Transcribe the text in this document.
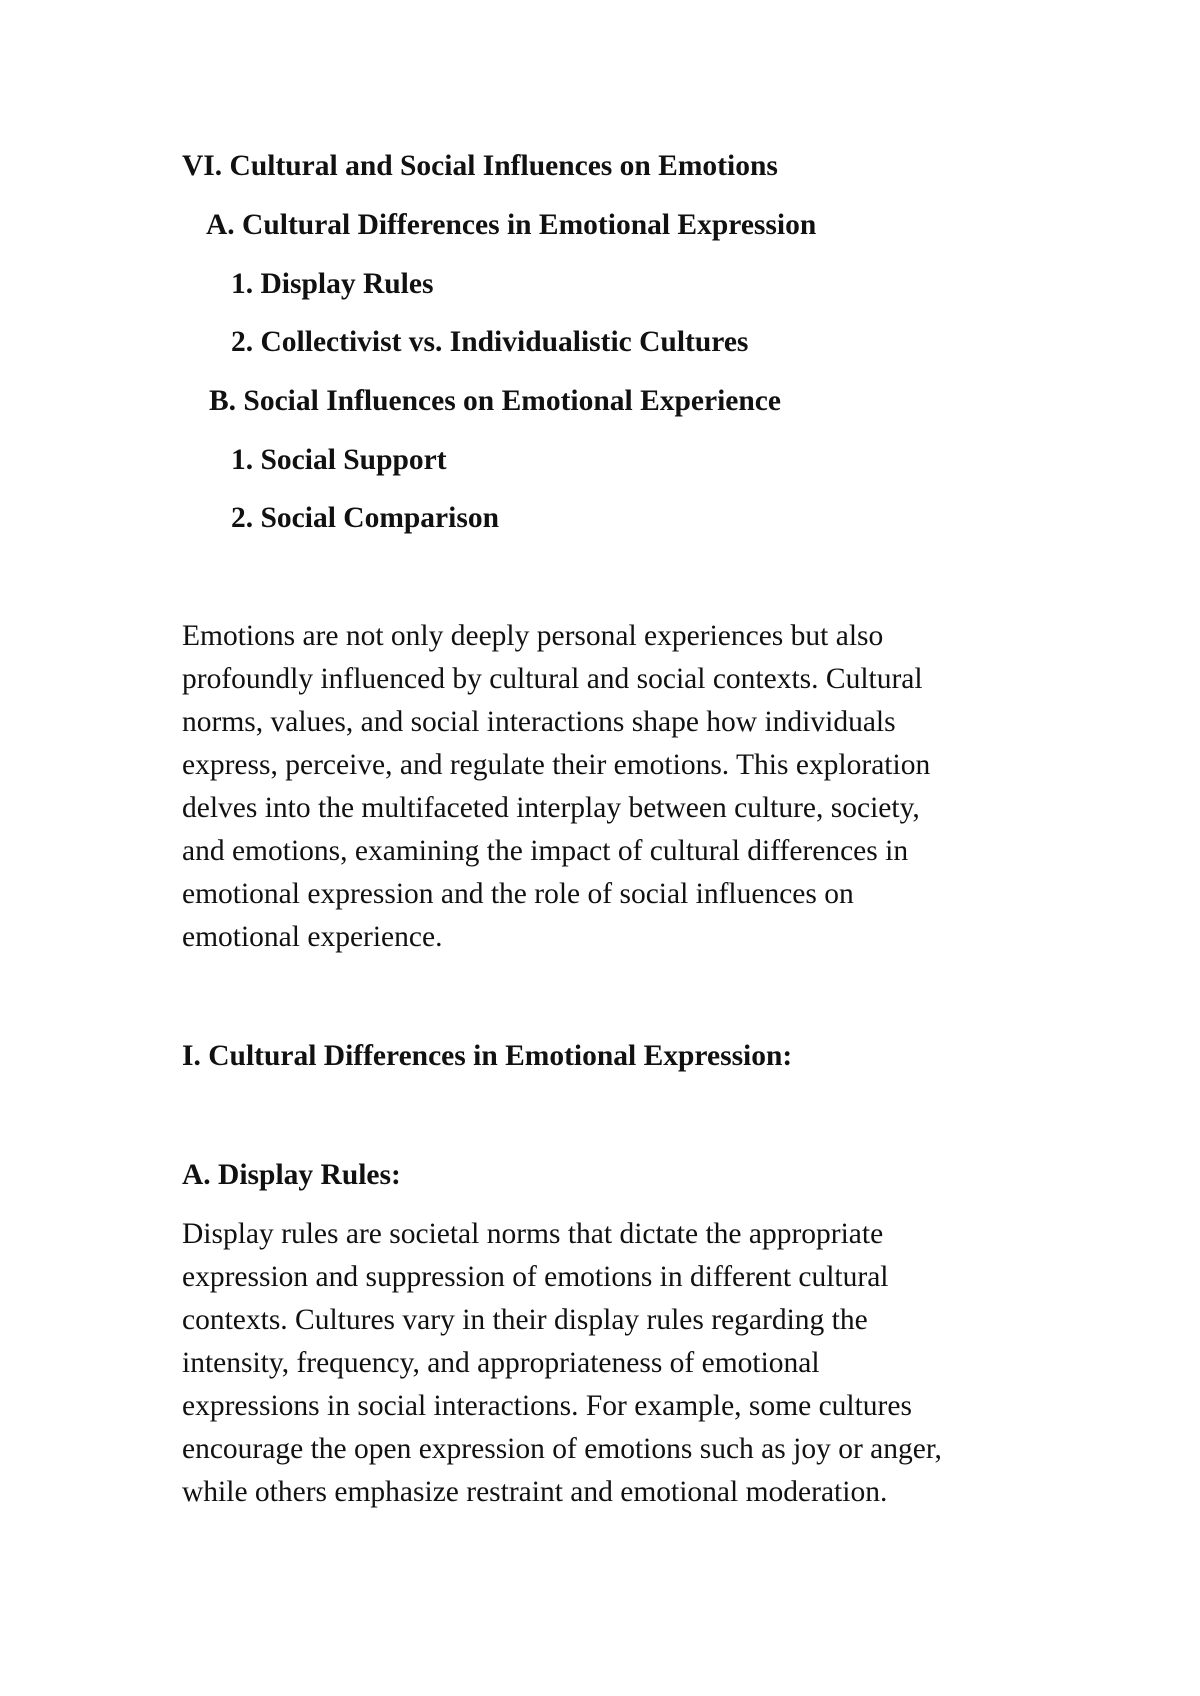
VI. Cultural and Social Influences on Emotions

A. Cultural Differences in Emotional Expression

1. Display Rules

2. Collectivist vs. Individualistic Cultures

B. Social Influences on Emotional Experience

1. Social Support

2. Social Comparison

Emotions are not only deeply personal experiences but also

profoundly influenced by cultural and social contexts. Cultural

norms, values, and social interactions shape how individuals

express, perceive, and regulate their emotions. This exploration

delves into the multifaceted interplay between culture, society,

and emotions, examining the impact of cultural differences in

emotional expression and the role of social influences on

emotional experience.

I. Cultural Differences in Emotional Expression:

A. Display Rules:

Display rules are societal norms that dictate the appropriate

expression and suppression of emotions in different cultural

contexts. Cultures vary in their display rules regarding the

intensity, frequency, and appropriateness of emotional

expressions in social interactions. For example, some cultures

encourage the open expression of emotions such as joy or anger,

while others emphasize restraint and emotional moderation.
